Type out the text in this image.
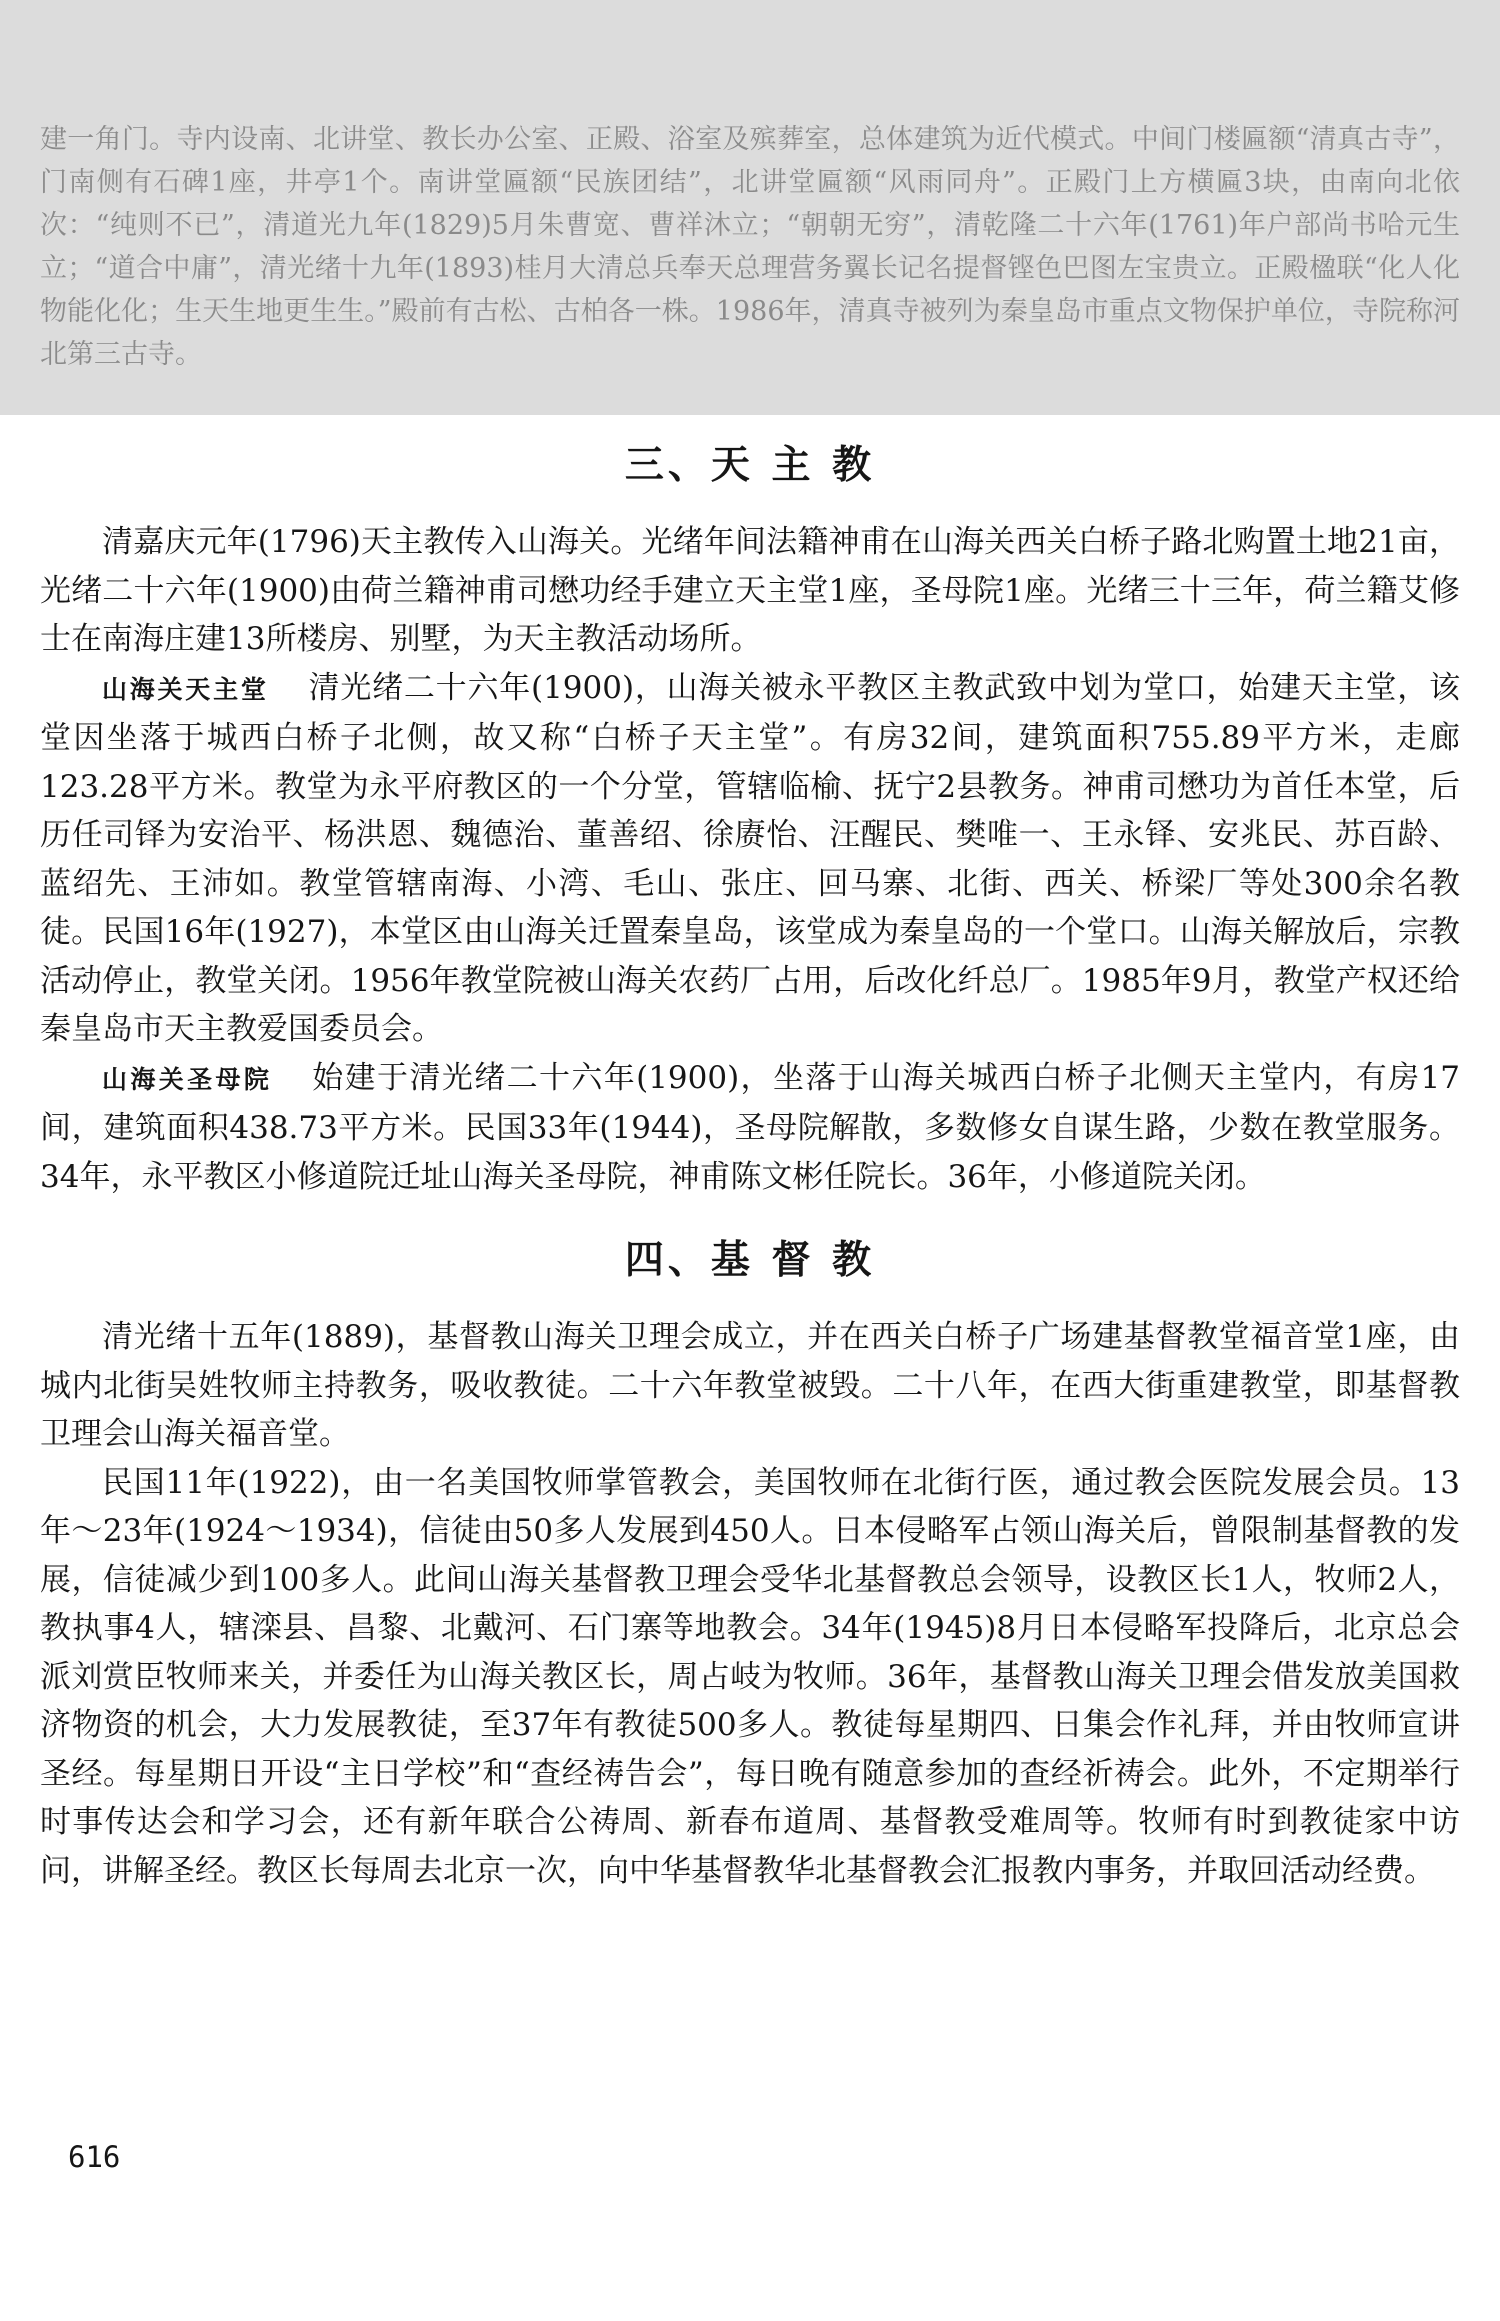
建一角门。寺内设南、北讲堂、教长办公室、正殿、浴室及殡葬室，总体建筑为近代模式。中间门楼匾额“清真古寺”，门南侧有石碑1座，井亭1个。南讲堂匾额“民族团结”，北讲堂匾额“风雨同舟”。正殿门上方横匾3块，由南向北依次：“纯则不已”，清道光九年(1829)5月朱曹宽、曹祥沐立；“朝朝无穷”，清乾隆二十六年(1761)年户部尚书哈元生立；“道合中庸”，清光绪十九年(1893)桂月大清总兵奉天总理营务翼长记名提督铿色巴图左宝贵立。正殿楹联“化人化物能化化；生天生地更生生。”殿前有古松、古柏各一株。1986年，清真寺被列为秦皇岛市重点文物保护单位，寺院称河北第三古寺。

三、天 主 教

清嘉庆元年(1796)天主教传入山海关。光绪年间法籍神甫在山海关西关白桥子路北购置土地21亩，光绪二十六年(1900)由荷兰籍神甫司懋功经手建立天主堂1座，圣母院1座。光绪三十三年，荷兰籍艾修士在南海庄建13所楼房、别墅，为天主教活动场所。

山海关天主堂 清光绪二十六年(1900)，山海关被永平教区主教武致中划为堂口，始建天主堂，该堂因坐落于城西白桥子北侧，故又称“白桥子天主堂”。有房32间，建筑面积755.89平方米，走廊123.28平方米。教堂为永平府教区的一个分堂，管辖临榆、抚宁2县教务。神甫司懋功为首任本堂，后历任司铎为安治平、杨洪恩、魏德治、董善绍、徐赓怡、汪醒民、樊唯一、王永铎、安兆民、苏百龄、蓝绍先、王沛如。教堂管辖南海、小湾、毛山、张庄、回马寨、北街、西关、桥梁厂等处300余名教徒。民国16年(1927)，本堂区由山海关迁置秦皇岛，该堂成为秦皇岛的一个堂口。山海关解放后，宗教活动停止，教堂关闭。1956年教堂院被山海关农药厂占用，后改化纤总厂。1985年9月，教堂产权还给秦皇岛市天主教爱国委员会。

山海关圣母院 始建于清光绪二十六年(1900)，坐落于山海关城西白桥子北侧天主堂内，有房17间，建筑面积438.73平方米。民国33年(1944)，圣母院解散，多数修女自谋生路，少数在教堂服务。34年，永平教区小修道院迁址山海关圣母院，神甫陈文彬任院长。36年，小修道院关闭。

四、基 督 教

清光绪十五年(1889)，基督教山海关卫理会成立，并在西关白桥子广场建基督教堂福音堂1座，由城内北街吴姓牧师主持教务，吸收教徒。二十六年教堂被毁。二十八年，在西大街重建教堂，即基督教卫理会山海关福音堂。

民国11年(1922)，由一名美国牧师掌管教会，美国牧师在北街行医，通过教会医院发展会员。13年～23年(1924～1934)，信徒由50多人发展到450人。日本侵略军占领山海关后，曾限制基督教的发展，信徒减少到100多人。此间山海关基督教卫理会受华北基督教总会领导，设教区长1人，牧师2人，教执事4人，辖滦县、昌黎、北戴河、石门寨等地教会。34年(1945)8月日本侵略军投降后，北京总会派刘赏臣牧师来关，并委任为山海关教区长，周占岐为牧师。36年，基督教山海关卫理会借发放美国救济物资的机会，大力发展教徒，至37年有教徒500多人。教徒每星期四、日集会作礼拜，并由牧师宣讲圣经。每星期日开设“主日学校”和“查经祷告会”，每日晚有随意参加的查经祈祷会。此外，不定期举行时事传达会和学习会，还有新年联合公祷周、新春布道周、基督教受难周等。牧师有时到教徒家中访问，讲解圣经。教区长每周去北京一次，向中华基督教华北基督教会汇报教内事务，并取回活动经费。

616
